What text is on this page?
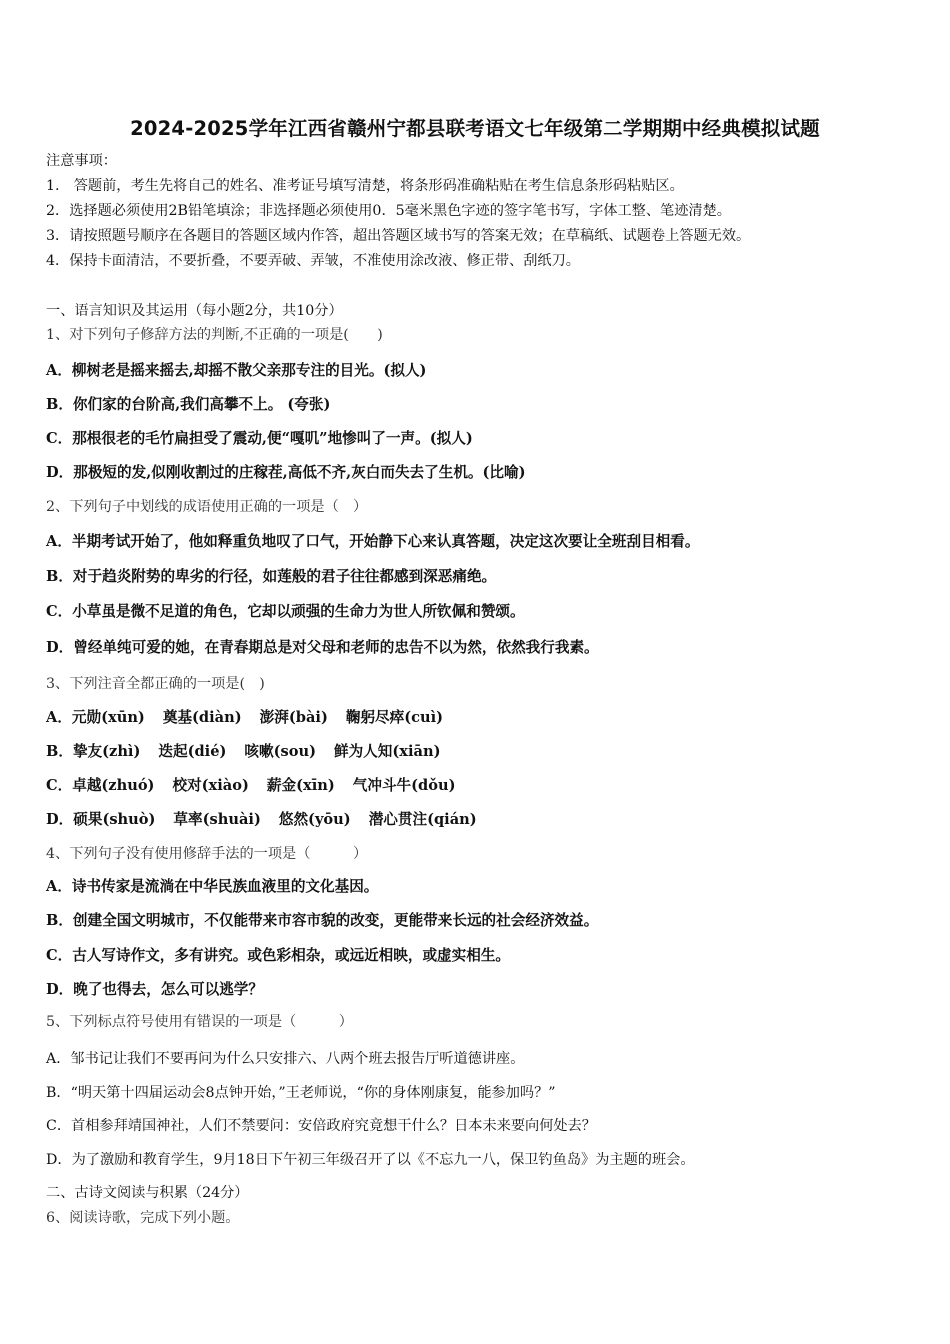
2024-2025学年江西省赣州宁都县联考语文七年级第二学期期中经典模拟试题
注意事项：
1.　答题前，考生先将自己的姓名、准考证号填写清楚，将条形码准确粘贴在考生信息条形码粘贴区。
2．选择题必须使用2B铅笔填涂；非选择题必须使用0．5毫米黑色字迹的签字笔书写，字体工整、笔迹清楚。
3．请按照题号顺序在各题目的答题区域内作答，超出答题区域书写的答案无效；在草稿纸、试题卷上答题无效。
4．保持卡面清洁，不要折叠，不要弄破、弄皱，不准使用涂改液、修正带、刮纸刀。
一、语言知识及其运用（每小题2分，共10分）
1、对下列句子修辞方法的判断,不正确的一项是(　　)
A．柳树老是摇来摇去,却摇不散父亲那专注的目光。(拟人)
B．你们家的台阶高,我们高攀不上。 (夸张)
C．那根很老的毛竹扁担受了震动,便“嘎叽”地惨叫了一声。(拟人)
D．那极短的发,似刚收割过的庄稼茬,高低不齐,灰白而失去了生机。(比喻)
2、下列句子中划线的成语使用正确的一项是（　）
A．半期考试开始了，他如释重负地叹了口气，开始静下心来认真答题，决定这次要让全班刮目相看。
B．对于趋炎附势的卑劣的行径，如莲般的君子往往都感到深恶痛绝。
C．小草虽是微不足道的角色，它却以顽强的生命力为世人所钦佩和赞颂。
D．曾经单纯可爱的她，在青春期总是对父母和老师的忠告不以为然，依然我行我素。
3、下列注音全都正确的一项是(　)
A．元勋(xūn) 奠基(diàn) 澎湃(bài) 鞠躬尽瘁(cuì)
B．挚友(zhì) 迭起(dié) 咳嗽(sou) 鲜为人知(xiān)
C．卓越(zhuó) 校对(xiào) 薪金(xīn) 气冲斗牛(dǒu)
D．硕果(shuò) 草率(shuài) 悠然(yōu) 潜心贯注(qián)
4、下列句子没有使用修辞手法的一项是（　　　）
A．诗书传家是流淌在中华民族血液里的文化基因。
B．创建全国文明城市，不仅能带来市容市貌的改变，更能带来长远的社会经济效益。
C．古人写诗作文，多有讲究。或色彩相杂，或远近相映，或虚实相生。
D．晚了也得去，怎么可以逃学？
5、下列标点符号使用有错误的一项是（　　　）
A．邹书记让我们不要再问为什么只安排六、八两个班去报告厅听道德讲座。
B．“明天第十四届运动会8点钟开始，”王老师说，“你的身体刚康复，能参加吗？”
C．首相参拜靖国神社，人们不禁要问：安倍政府究竟想干什么？日本未来要向何处去？
D．为了激励和教育学生，9月18日下午初三年级召开了以《不忘九一八，保卫钓鱼岛》为主题的班会。
二、古诗文阅读与积累（24分）
6、阅读诗歌，完成下列小题。
